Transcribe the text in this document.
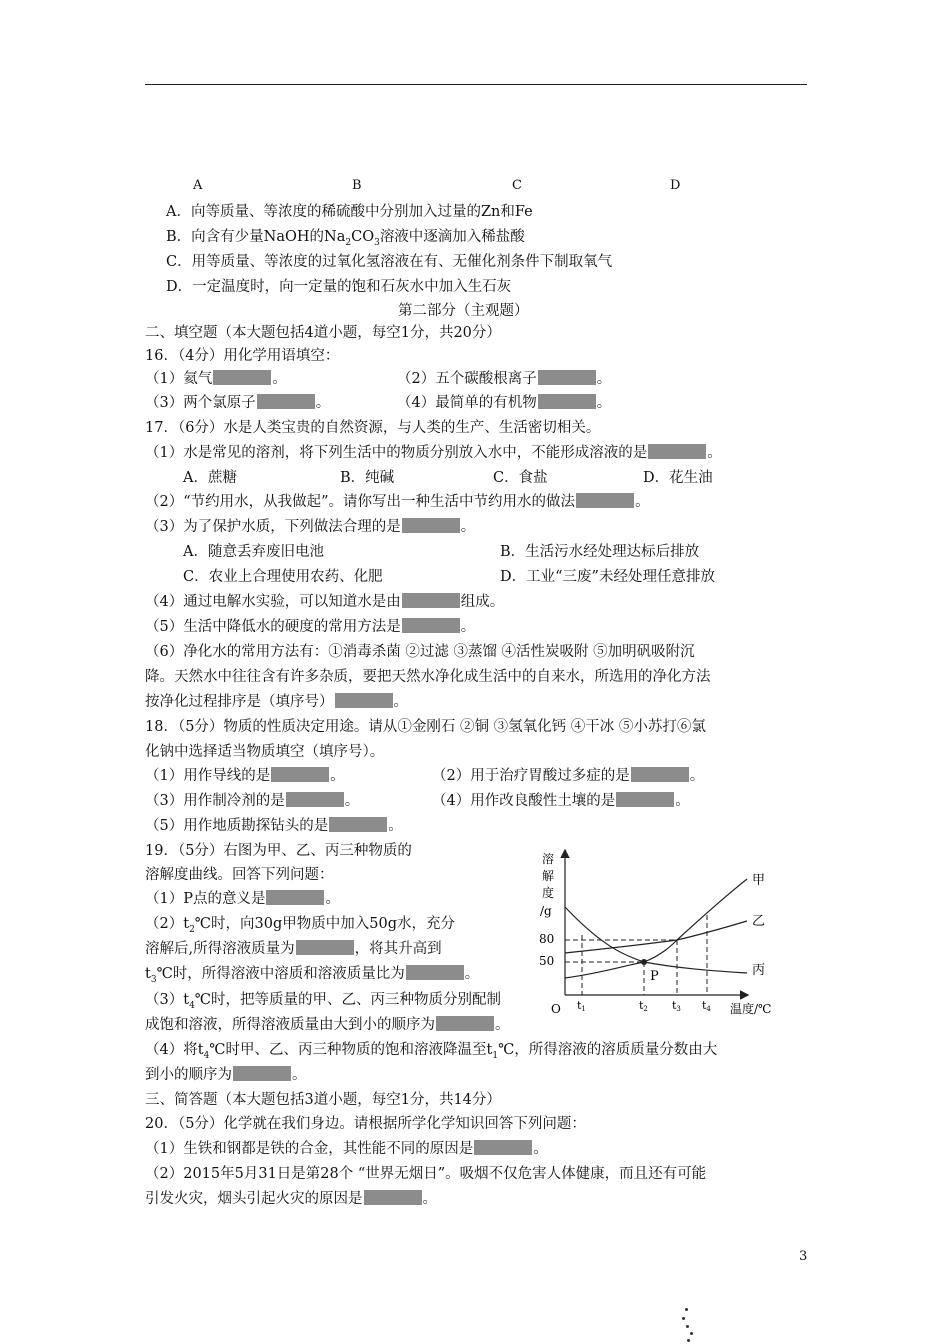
A	B	C	D
A．向等质量、等浓度的稀硫酸中分别加入过量的Zn和Fe
B．向含有少量NaOH的$Na_2CO_3$溶液中逐滴加入稀盐酸
C．用等质量、等浓度的过氧化氢溶液在有、无催化剂条件下制取氧气
D．一定温度时，向一定量的饱和石灰水中加入生石灰
第二部分（主观题）
二、填空题（本大题包括4道小题，每空1分，共20分）
16．（4分）用化学用语填空：
（1）氦气	。	（2）五个碳酸根离子	。
（3）两个氯原子	。	（4）最简单的有机物	。
17．（6分）水是人类宝贵的自然资源，与人类的生产、生活密切相关。
（1）水是常见的溶剂，将下列生活中的物质分别放入水中，不能形成溶液的是	。
A．蔗糖	B．纯碱	C．食盐	D．花生油
（2）“节约用水，从我做起”。请你写出一种生活中节约用水的做法	。
（3）为了保护水质，下列做法合理的是	。
A．随意丢弃废旧电池	B．生活污水经处理达标后排放
C．农业上合理使用农药、化肥	D．工业“三废”未经处理任意排放
（4）通过电解水实验，可以知道水是由	组成。
（5）生活中降低水的硬度的常用方法是	。
（6）净化水的常用方法有：①消毒杀菌 ②过滤 ③蒸馏 ④活性炭吸附 ⑤加明矾吸附沉
降。天然水中往往含有许多杂质，要把天然水净化成生活中的自来水，所选用的净化方法
按净化过程排序是（填序号）	。
18．（5分）物质的性质决定用途。请从①金刚石 ②铜 ③氢氧化钙 ④干冰 ⑤小苏打⑥氯
化钠中选择适当物质填空（填序号）。
（1）用作导线的是	。	（2）用于治疗胃酸过多症的是	。
（3）用作制冷剂的是	。	（4）用作改良酸性土壤的是	。
（5）用作地质勘探钻头的是	。
19．（5分）右图为甲、乙、丙三种物质的
溶解度曲线。回答下列问题：
（1）P点的意义是	。
$(2)t_2℃$时，向30g甲物质中加入50g水，充分
溶解后,所得溶液质量为	，将其升高到
$t_3℃$时，所得溶液中溶质和溶液质量比为	。
$(3)t_4℃$时，把等质量的甲、乙、丙三种物质分别配制
成饱和溶液，所得溶液质量由大到小的顺序为	。
（4）将$t_4℃$时甲、乙、丙三种物质的饱和溶液降温至$t_1℃$，所得溶液的溶质质量分数由大
到小的顺序为	。
溶
解
度
/g
80
50
P
甲
乙
丙
t1	t2 t3 t4
O	温度/℃
三、简答题（本大题包括3道小题，每空1分，共14分）
20．（5分）化学就在我们身边。请根据所学化学知识回答下列问题：
（1）生铁和钢都是铁的合金，其性能不同的原因是	。
（2）2015年5月31日是第28个 “世界无烟日”。吸烟不仅危害人体健康，而且还有可能
引发火灾，烟头引起火灾的原因是	。
3
